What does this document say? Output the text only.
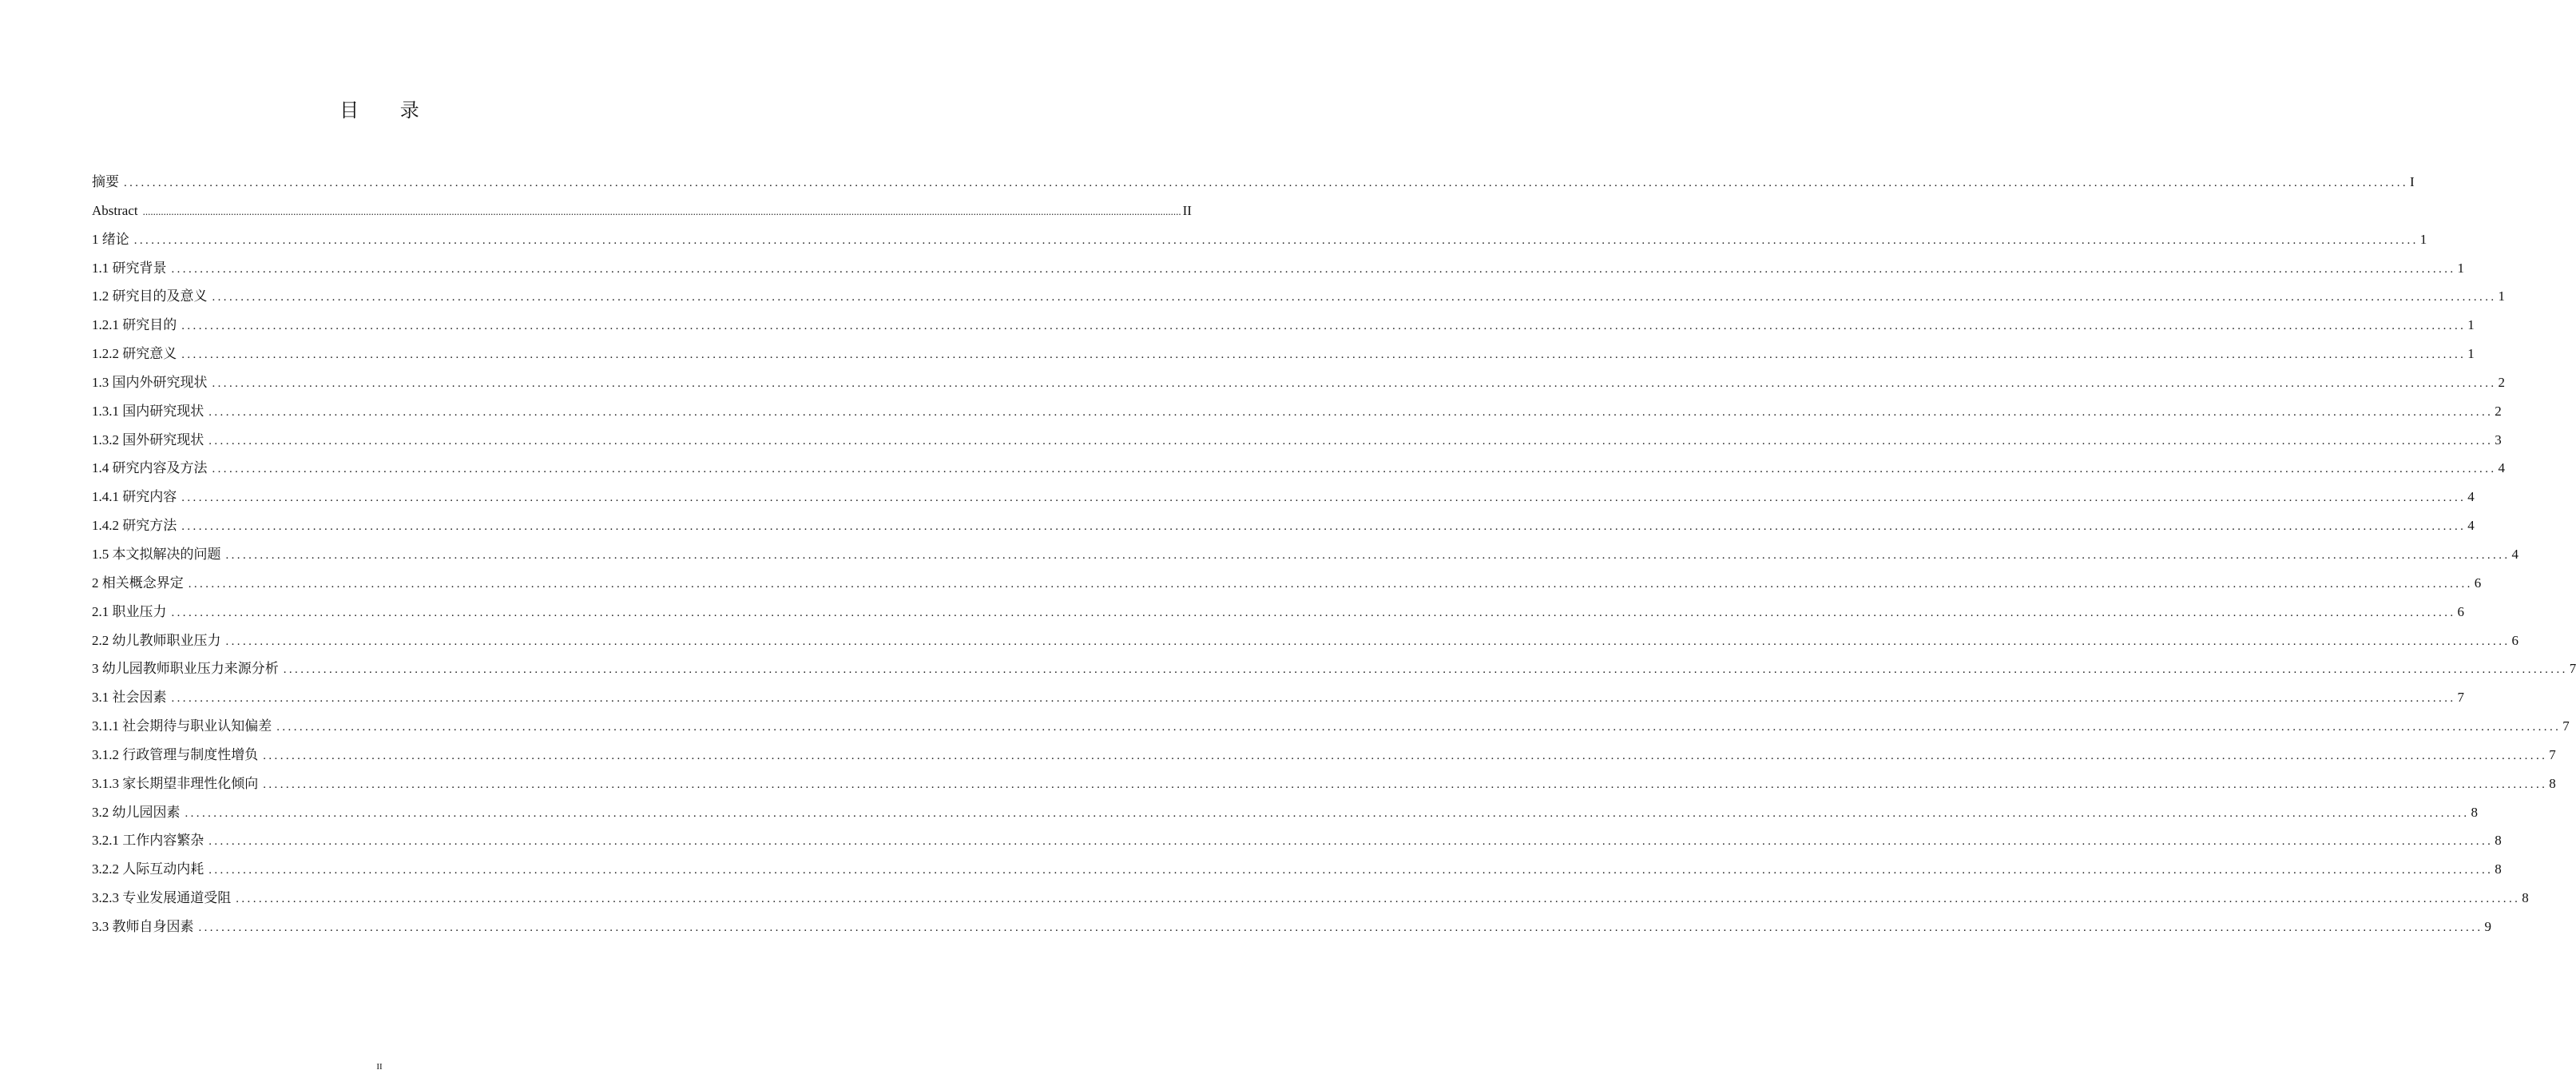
目 录
摘要 ................................................................................................................................................................................................................................................................................................................................................................................................................ I
Abstract ................................................................................................................................................................................................................................................................................................................................................................................................................ II
1 绪论 ................................................................................................................................................................................................................................................................................................................................................................................................................ 1
1.1 研究背景 ................................................................................................................................................................................................................................................................................................................................................................................................................ 1
1.2 研究目的及意义 ................................................................................................................................................................................................................................................................................................................................................................................................................ 1
1.2.1 研究目的 ................................................................................................................................................................................................................................................................................................................................................................................................................ 1
1.2.2 研究意义 ................................................................................................................................................................................................................................................................................................................................................................................................................ 1
1.3 国内外研究现状 ................................................................................................................................................................................................................................................................................................................................................................................................................ 2
1.3.1 国内研究现状 ................................................................................................................................................................................................................................................................................................................................................................................................................ 2
1.3.2 国外研究现状 ................................................................................................................................................................................................................................................................................................................................................................................................................ 3
1.4 研究内容及方法 ................................................................................................................................................................................................................................................................................................................................................................................................................ 4
1.4.1 研究内容 ................................................................................................................................................................................................................................................................................................................................................................................................................ 4
1.4.2 研究方法 ................................................................................................................................................................................................................................................................................................................................................................................................................ 4
1.5 本文拟解决的问题 ................................................................................................................................................................................................................................................................................................................................................................................................................ 4
2 相关概念界定 ................................................................................................................................................................................................................................................................................................................................................................................................................ 6
2.1 职业压力 ................................................................................................................................................................................................................................................................................................................................................................................................................ 6
2.2 幼儿教师职业压力 ................................................................................................................................................................................................................................................................................................................................................................................................................ 6
3 幼儿园教师职业压力来源分析 ................................................................................................................................................................................................................................................................................................................................................................................................................ 7
3.1 社会因素 ................................................................................................................................................................................................................................................................................................................................................................................................................ 7
3.1.1 社会期待与职业认知偏差 ................................................................................................................................................................................................................................................................................................................................................................................................................ 7
3.1.2 行政管理与制度性增负 ................................................................................................................................................................................................................................................................................................................................................................................................................ 7
3.1.3 家长期望非理性化倾向 ................................................................................................................................................................................................................................................................................................................................................................................................................ 8
3.2 幼儿园因素 ................................................................................................................................................................................................................................................................................................................................................................................................................ 8
3.2.1 工作内容繁杂 ................................................................................................................................................................................................................................................................................................................................................................................................................ 8
3.2.2 人际互动内耗 ................................................................................................................................................................................................................................................................................................................................................................................................................ 8
3.2.3 专业发展通道受阻 ................................................................................................................................................................................................................................................................................................................................................................................................................ 8
3.3 教师自身因素 ................................................................................................................................................................................................................................................................................................................................................................................................................ 9
II
